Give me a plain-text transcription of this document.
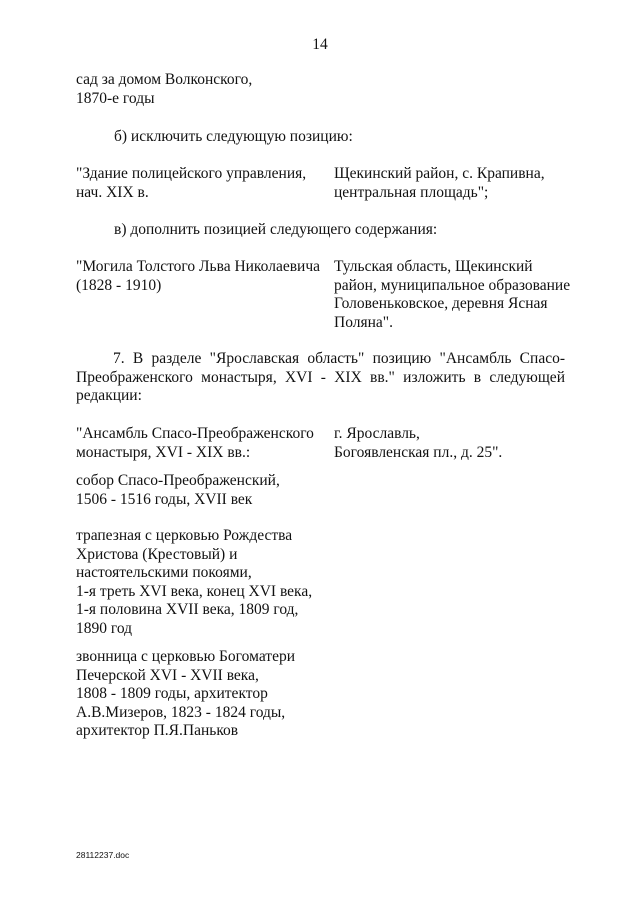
14
сад за домом Волконского,
1870-е годы
б) исключить следующую позицию:
"Здание полицейского управления,
нач. XIX в.
Щекинский район, с. Крапивна,
центральная площадь";
в) дополнить позицией следующего содержания:
"Могила Толстого Льва Николаевича
(1828 - 1910)
Тульская область, Щекинский
район, муниципальное образование
Головеньковское, деревня Ясная
Поляна".

7. В разделе "Ярославская область" позицию "Ансамбль Спасо-Преображенского монастыря, XVI - XIX вв." изложить в следующей редакции:

"Ансамбль Спасо-Преображенского
монастыря, XVI - XIX вв.:
г. Ярославль,
Богоявленская пл., д. 25".
собор Спасо-Преображенский,
1506 - 1516 годы, XVII век
трапезная с церковью Рождества
Христова (Крестовый) и
настоятельскими покоями,
1-я треть XVI века, конец XVI века,
1-я половина XVII века, 1809 год,
1890 год
звонница с церковью Богоматери
Печерской XVI - XVII века,
1808 - 1809 годы, архитектор
А.В.Мизеров, 1823 - 1824 годы,
архитектор П.Я.Паньков
28112237.doc
